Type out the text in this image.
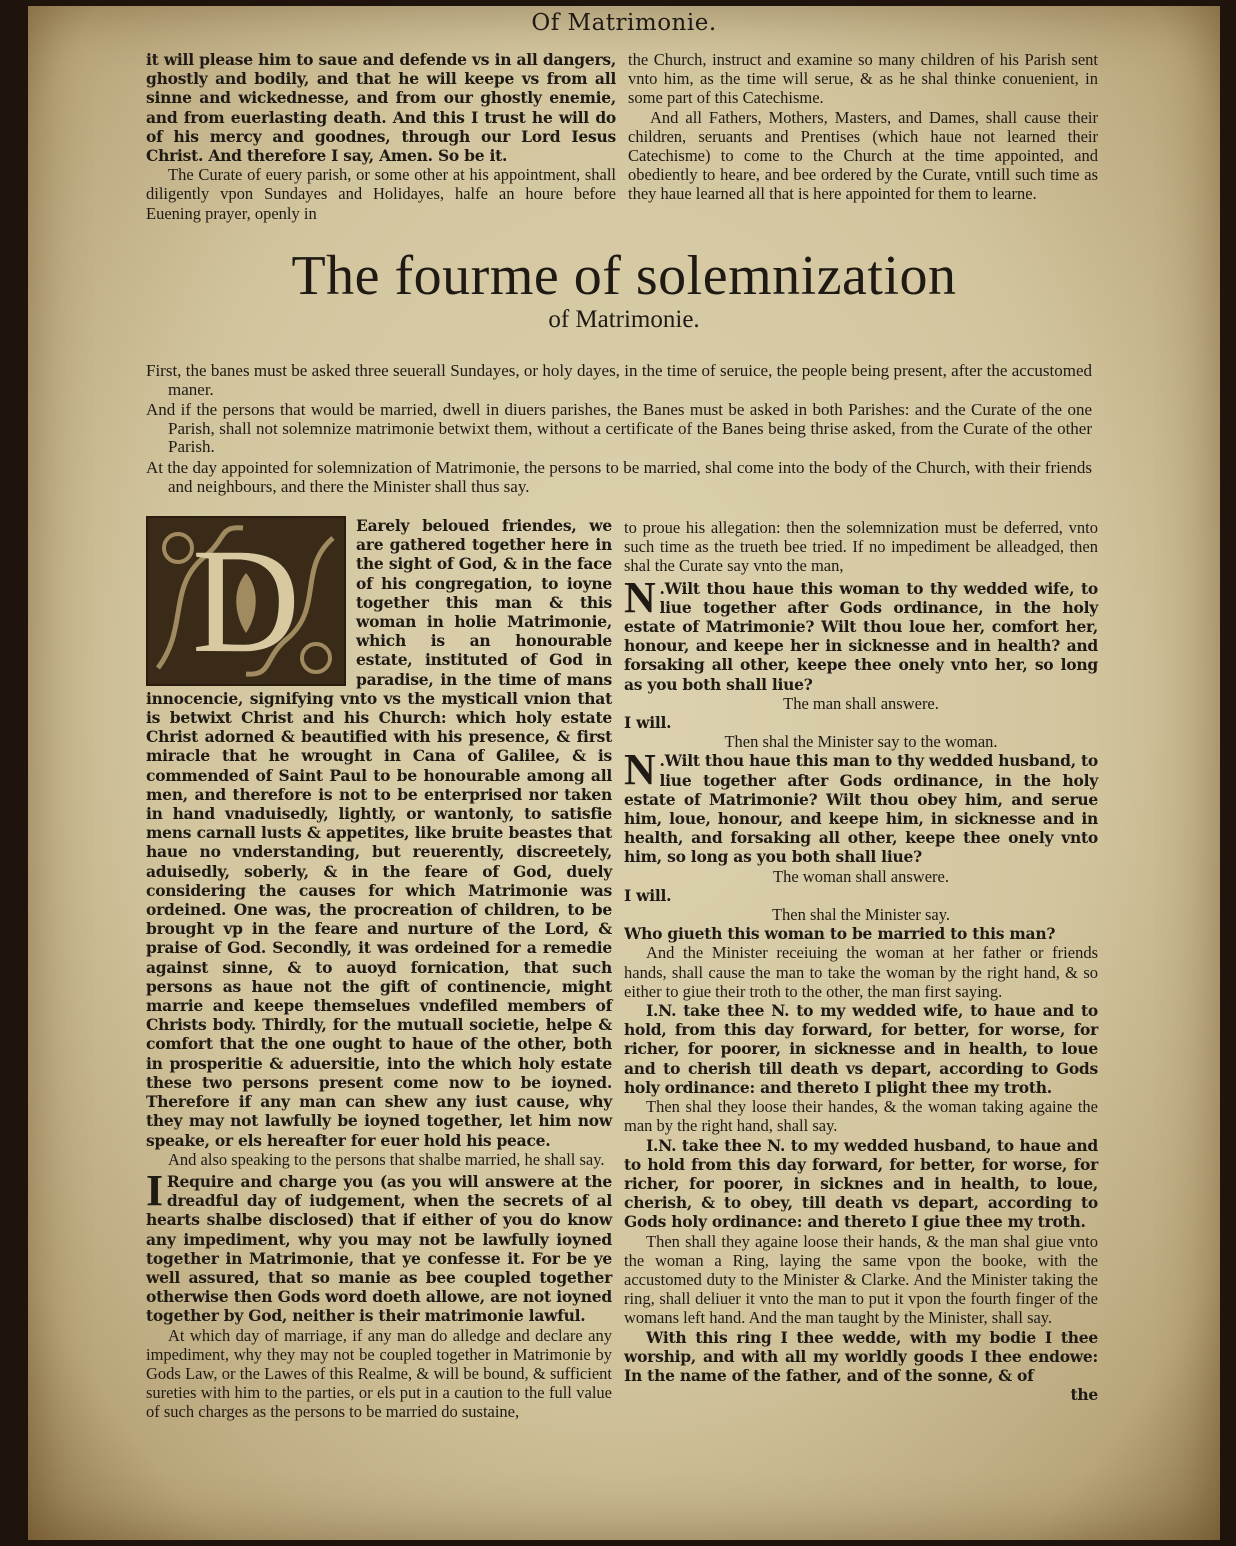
Of Matrimonie.

it will please him to saue and defende vs in all dangers, ghostly and bodily, and that he will keepe vs from all sinne and wickednesse, and from our ghostly enemie, and from euerlasting death. And this I trust he will do of his mercy and goodnes, through our Lord Iesus Christ. And therefore I say, Amen. So be it.

The Curate of euery parish, or some other at his appointment, shall diligently vpon Sundayes and Holidayes, halfe an houre before Euening prayer, openly in

the Church, instruct and examine so many children of his Parish sent vnto him, as the time will serue, & as he shal thinke conuenient, in some part of this Catechisme.

And all Fathers, Mothers, Masters, and Dames, shall cause their children, seruants and Prentises (which haue not learned their Catechisme) to come to the Church at the time appointed, and obediently to heare, and bee ordered by the Curate, vntill such time as they haue learned all that is here appointed for them to learne.

The fourme of solemnization
of Matrimonie.
First, the banes must be asked three seuerall Sundayes, or holy dayes, in the time of seruice, the people being present, after the accustomed maner.
And if the persons that would be married, dwell in diuers parishes, the Banes must be asked in both Parishes: and the Curate of the one Parish, shall not solemnize matrimonie betwixt them, without a certificate of the Banes being thrise asked, from the Curate of the other Parish.
At the day appointed for solemnization of Matrimonie, the persons to be married, shal come into the body of the Church, with their friends and neighbours, and there the Minister shall thus say.
D	Earely beloued friendes, we are gathered together here in the sight of God, & in the face of his congregation, to ioyne together this man & this woman in holie Matrimonie, which is an honourable estate, instituted of God in paradise, in the time of mans innocencie, signifying vnto vs the mysticall vnion that is betwixt Christ and his Church: which holy estate Christ adorned & beautified with his presence, & first miracle that he wrought in Cana of Galilee, & is commended of Saint Paul to be honourable among all men, and therefore is not to be enterprised nor taken in hand vnaduisedly, lightly, or wantonly, to satisfie mens carnall lusts & appetites, like bruite beastes that haue no vnderstanding, but reuerently, discreetely, aduisedly, soberly, & in the feare of God, duely considering the causes for which Matrimonie was ordeined. One was, the procreation of children, to be brought vp in the feare and nurture of the Lord, & praise of God. Secondly, it was ordeined for a remedie against sinne, & to auoyd fornication, that such persons as haue not the gift of continencie, might marrie and keepe themselues vndefiled members of Christs body. Thirdly, for the mutuall societie, helpe & comfort that the one ought to haue of the other, both in prosperitie & aduersitie, into the which holy estate these two persons present come now to be ioyned. Therefore if any man can shew any iust cause, why they may not lawfully be ioyned together, let him now speake, or els hereafter for euer hold his peace.

And also speaking to the persons that shalbe married, he shall say.

I Require and charge you (as you will answere at the dreadful day of iudgement, when the secrets of al hearts shalbe disclosed) that if either of you do know any impediment, why you may not be lawfully ioyned together in Matrimonie, that ye confesse it. For be ye well assured, that so manie as bee coupled together otherwise then Gods word doeth allowe, are not ioyned together by God, neither is their matrimonie lawful.

At which day of marriage, if any man do alledge and declare any impediment, why they may not be coupled together in Matrimonie by Gods Law, or the Lawes of this Realme, & will be bound, & sufficient sureties with him to the parties, or els put in a caution to the full value of such charges as the persons to be married do sustaine,

to proue his allegation: then the solemnization must be deferred, vnto such time as the trueth bee tried. If no impediment be alleadged, then shal the Curate say vnto the man,

N .Wilt thou haue this woman to thy wedded wife, to liue together after Gods ordinance, in the holy estate of Matrimonie? Wilt thou loue her, comfort her, honour, and keepe her in sicknesse and in health? and forsaking all other, keepe thee onely vnto her, so long as you both shall liue?

The man shall answere.

I will.

Then shal the Minister say to the woman.

N .Wilt thou haue this man to thy wedded husband, to liue together after Gods ordinance, in the holy estate of Matrimonie? Wilt thou obey him, and serue him, loue, honour, and keepe him, in sicknesse and in health, and forsaking all other, keepe thee onely vnto him, so long as you both shall liue?

The woman shall answere.

I will.

Then shal the Minister say.

Who giueth this woman to be married to this man?

And the Minister receiuing the woman at her father or friends hands, shall cause the man to take the woman by the right hand, & so either to giue their troth to the other, the man first saying.

I.N. take thee N. to my wedded wife, to haue and to hold, from this day forward, for better, for worse, for richer, for poorer, in sicknesse and in health, to loue and to cherish till death vs depart, according to Gods holy ordinance: and thereto I plight thee my troth.

Then shal they loose their handes, & the woman taking againe the man by the right hand, shall say.

I.N. take thee N. to my wedded husband, to haue and to hold from this day forward, for better, for worse, for richer, for poorer, in sicknes and in health, to loue, cherish, & to obey, till death vs depart, according to Gods holy ordinance: and thereto I giue thee my troth.

Then shall they againe loose their hands, & the man shal giue vnto the woman a Ring, laying the same vpon the booke, with the accustomed duty to the Minister & Clarke. And the Minister taking the ring, shall deliuer it vnto the man to put it vpon the fourth finger of the womans left hand. And the man taught by the Minister, shall say.

With this ring I thee wedde, with my bodie I thee worship, and with all my worldly goods I thee endowe: In the name of the father, and of the sonne, & of

the
